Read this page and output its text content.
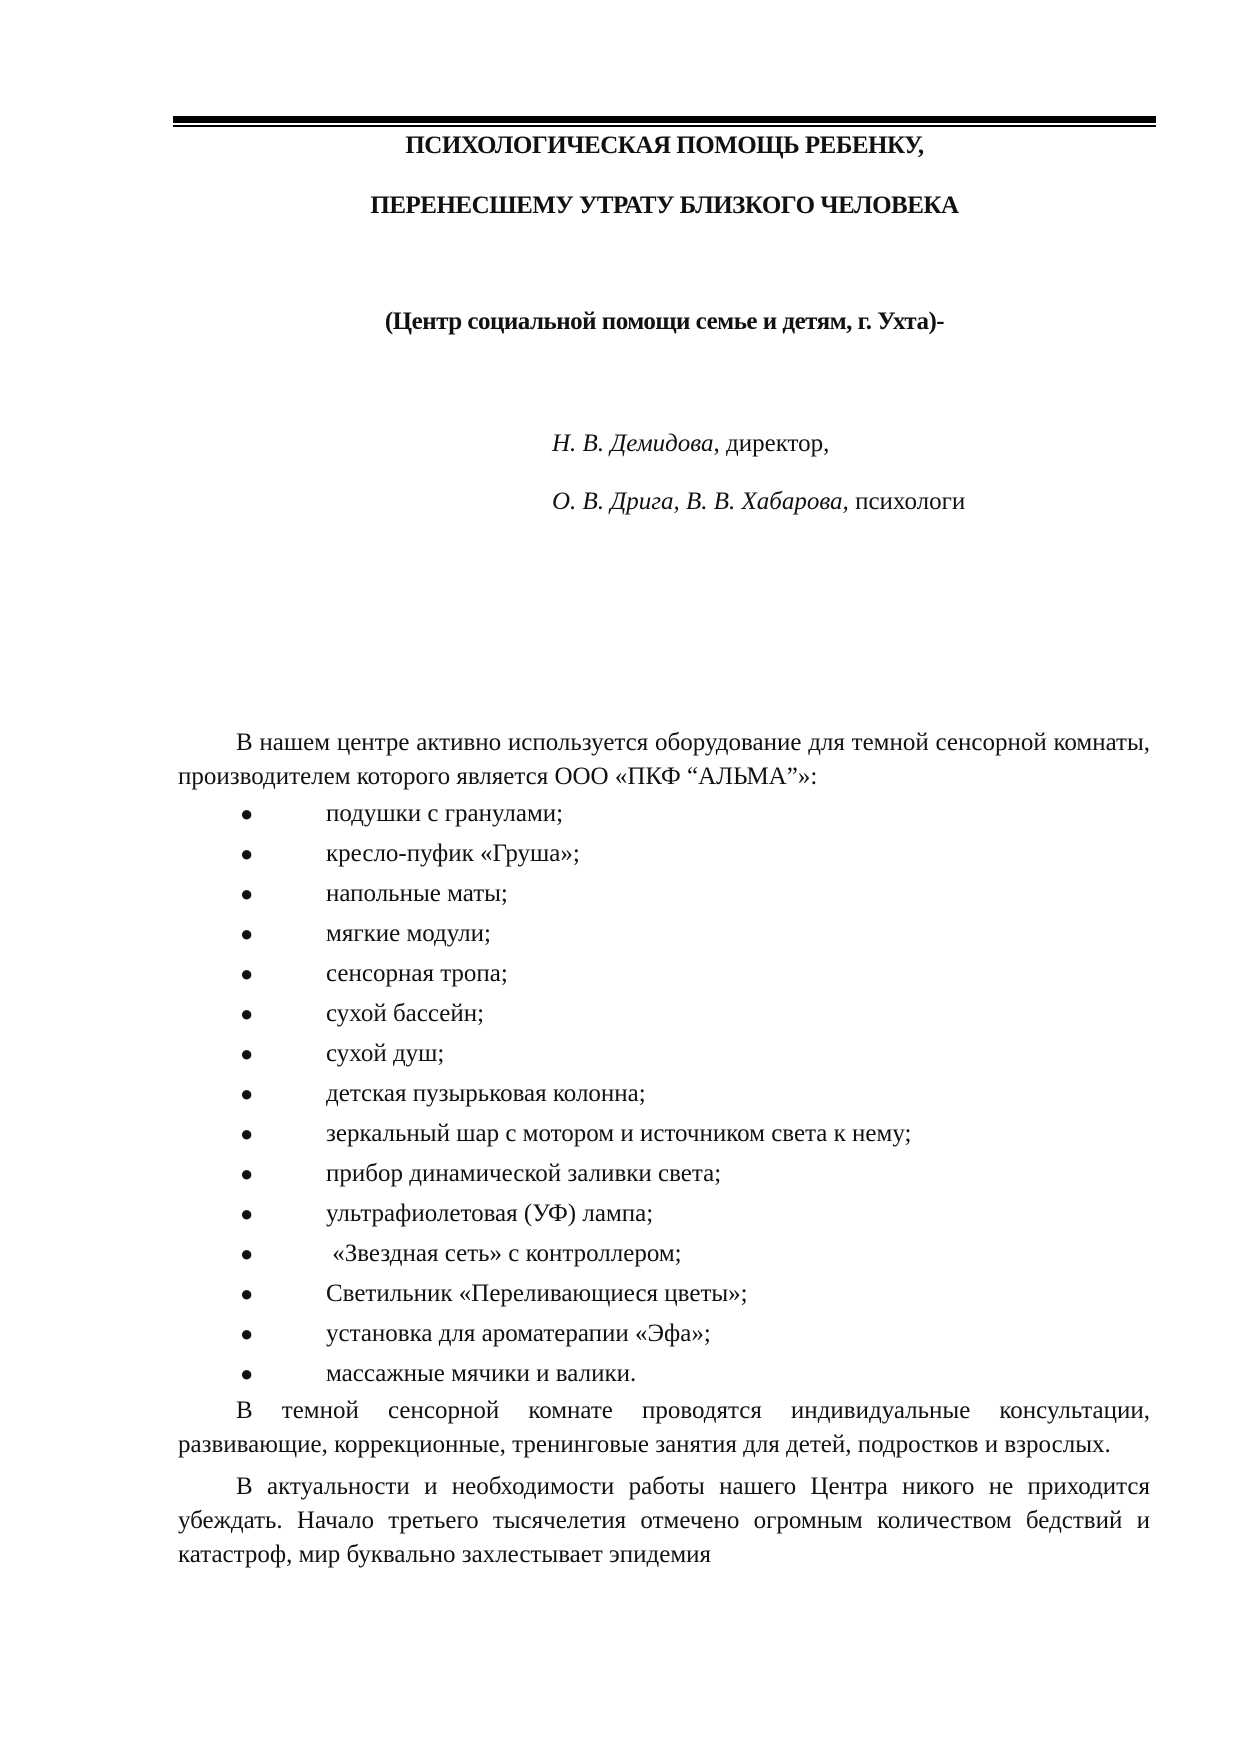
ПСИХОЛОГИЧЕСКАЯ ПОМОЩЬ РЕБЕНКУ,
ПЕРЕНЕСШЕМУ УТРАТУ БЛИЗКОГО ЧЕЛОВЕКА
(Центр социальной помощи семье и детям, г. Ухта)-
Н. В. Демидова, директор,
О. В. Дрига, В. В. Хабарова, психологи

В нашем центре активно используется оборудование для темной сенсорной комнаты, производителем которого является ООО «ПКФ “АЛЬМА”»:

●	подушки с гранулами;
●	кресло-пуфик «Груша»;
●	напольные маты;
●	мягкие модули;
●	сенсорная тропа;
●	сухой бассейн;
●	сухой душ;
●	детская пузырьковая колонна;
●	зеркальный шар с мотором и источником света к нему;
●	прибор динамической заливки света;
●	ультрафиолетовая (УФ) лампа;
●	«Звездная сеть» с контроллером;
●	Светильник «Переливающиеся цветы»;
●	установка для ароматерапии «Эфа»;
●	массажные мячики и валики.

В темной сенсорной комнате проводятся индивидуальные консультации, развивающие, коррекционные, тренинговые занятия для детей, подростков и взрослых.

В актуальности и необходимости работы нашего Центра никого не приходится убеждать. Начало третьего тысячелетия отмечено огромным количеством бедствий и катастроф, мир буквально захлестывает эпидемия
